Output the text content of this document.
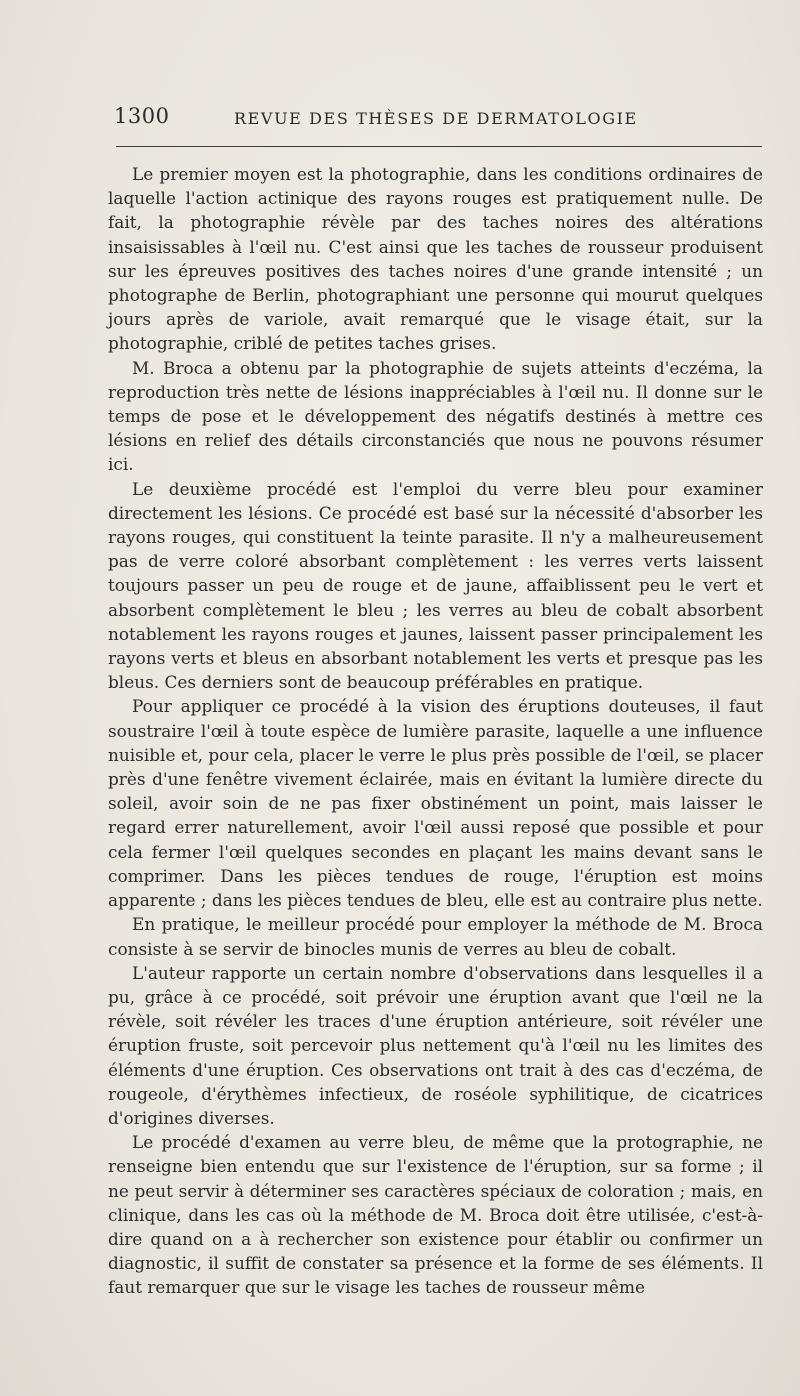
1300	REVUE DES THÈSES DE DERMATOLOGIE

Le premier moyen est la photographie, dans les conditions ordinaires de laquelle l'action actinique des rayons rouges est pratiquement nulle. De fait, la photographie révèle par des taches noires des altérations insaisissables à l'œil nu. C'est ainsi que les taches de rousseur produisent sur les épreuves positives des taches noires d'une grande intensité ; un photographe de Berlin, photographiant une personne qui mourut quelques jours après de variole, avait remarqué que le visage était, sur la photographie, criblé de petites taches grises.

M. Broca a obtenu par la photographie de sujets atteints d'eczéma, la reproduction très nette de lésions inappréciables à l'œil nu. Il donne sur le temps de pose et le développement des négatifs destinés à mettre ces lésions en relief des détails circonstanciés que nous ne pouvons résumer ici.

Le deuxième procédé est l'emploi du verre bleu pour examiner directement les lésions. Ce procédé est basé sur la nécessité d'absorber les rayons rouges, qui constituent la teinte parasite. Il n'y a malheureusement pas de verre coloré absorbant complètement : les verres verts laissent toujours passer un peu de rouge et de jaune, affaiblissent peu le vert et absorbent complètement le bleu ; les verres au bleu de cobalt absorbent notablement les rayons rouges et jaunes, laissent passer principalement les rayons verts et bleus en absorbant notablement les verts et presque pas les bleus. Ces derniers sont de beaucoup préférables en pratique.

Pour appliquer ce procédé à la vision des éruptions douteuses, il faut soustraire l'œil à toute espèce de lumière parasite, laquelle a une influence nuisible et, pour cela, placer le verre le plus près possible de l'œil, se placer près d'une fenêtre vivement éclairée, mais en évitant la lumière directe du soleil, avoir soin de ne pas fixer obstinément un point, mais laisser le regard errer naturellement, avoir l'œil aussi reposé que possible et pour cela fermer l'œil quelques secondes en plaçant les mains devant sans le comprimer. Dans les pièces tendues de rouge, l'éruption est moins apparente ; dans les pièces tendues de bleu, elle est au contraire plus nette.

En pratique, le meilleur procédé pour employer la méthode de M. Broca consiste à se servir de binocles munis de verres au bleu de cobalt.

L'auteur rapporte un certain nombre d'observations dans lesquelles il a pu, grâce à ce procédé, soit prévoir une éruption avant que l'œil ne la révèle, soit révéler les traces d'une éruption antérieure, soit révéler une éruption fruste, soit percevoir plus nettement qu'à l'œil nu les limites des éléments d'une éruption. Ces observations ont trait à des cas d'eczéma, de rougeole, d'érythèmes infectieux, de roséole syphilitique, de cicatrices d'origines diverses.

Le procédé d'examen au verre bleu, de même que la protographie, ne renseigne bien entendu que sur l'existence de l'éruption, sur sa forme ; il ne peut servir à déterminer ses caractères spéciaux de coloration ; mais, en clinique, dans les cas où la méthode de M. Broca doit être utilisée, c'est-à-dire quand on a à rechercher son existence pour établir ou confirmer un diagnostic, il suffit de constater sa présence et la forme de ses éléments. Il faut remarquer que sur le visage les taches de rousseur même
